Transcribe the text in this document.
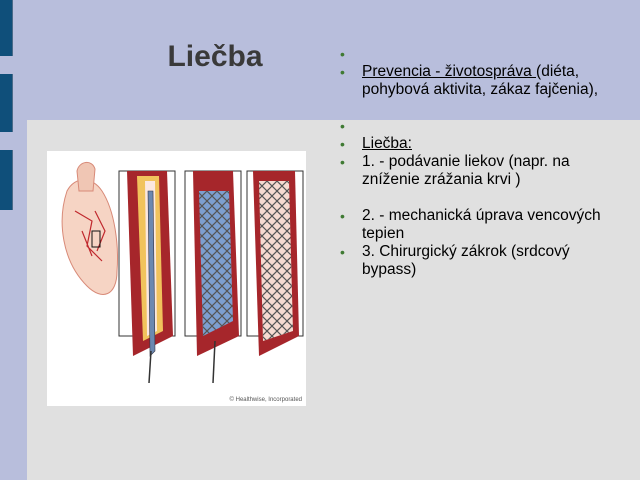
Liečba	•

• Prevencia - životospráva (diéta, pohybová aktivita, zákaz fajčenia),
•

• Liečba:
• 1. - podávanie liekov (napr. na zníženie zrážania krvi )
• 2. - mechanická úprava vencových tepien
• 3. Chirurgický zákrok (srdcový bypass)
© Healthwise, Incorporated
